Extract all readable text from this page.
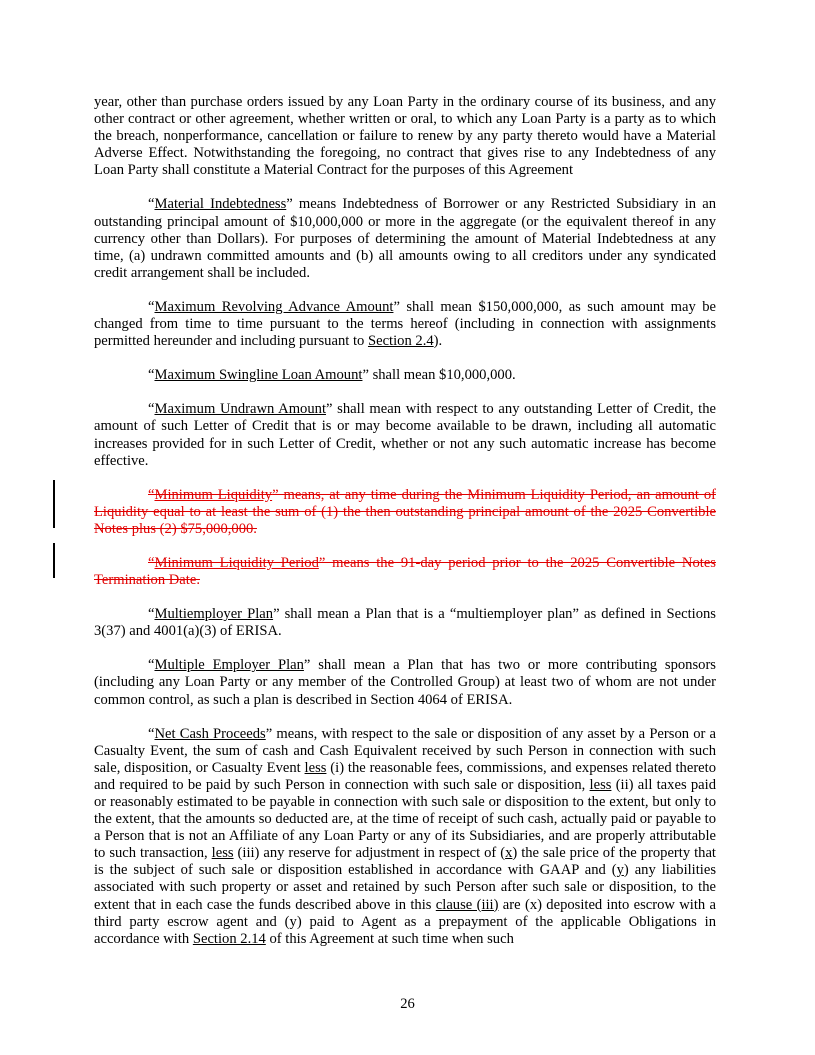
year, other than purchase orders issued by any Loan Party in the ordinary course of its business, and any other contract or other agreement, whether written or oral, to which any Loan Party is a party as to which the breach, nonperformance, cancellation or failure to renew by any party thereto would have a Material Adverse Effect. Notwithstanding the foregoing, no contract that gives rise to any Indebtedness of any Loan Party shall constitute a Material Contract for the purposes of this Agreement

“Material Indebtedness” means Indebtedness of Borrower or any Restricted Subsidiary in an outstanding principal amount of $10,000,000 or more in the aggregate (or the equivalent thereof in any currency other than Dollars). For purposes of determining the amount of Material Indebtedness at any time, (a) undrawn committed amounts and (b) all amounts owing to all creditors under any syndicated credit arrangement shall be included.

“Maximum Revolving Advance Amount” shall mean $150,000,000, as such amount may be changed from time to time pursuant to the terms hereof (including in connection with assignments permitted hereunder and including pursuant to Section 2.4).

“Maximum Swingline Loan Amount” shall mean $10,000,000.

“Maximum Undrawn Amount” shall mean with respect to any outstanding Letter of Credit, the amount of such Letter of Credit that is or may become available to be drawn, including all automatic increases provided for in such Letter of Credit, whether or not any such automatic increase has become effective.

“Minimum Liquidity” means, at any time during the Minimum Liquidity Period, an amount of Liquidity equal to at least the sum of (1) the then outstanding principal amount of the 2025 Convertible Notes plus (2) $75,000,000.

“Minimum Liquidity Period” means the 91-day period prior to the 2025 Convertible Notes Termination Date.

“Multiemployer Plan” shall mean a Plan that is a “multiemployer plan” as defined in Sections 3(37) and 4001(a)(3) of ERISA.

“Multiple Employer Plan” shall mean a Plan that has two or more contributing sponsors (including any Loan Party or any member of the Controlled Group) at least two of whom are not under common control, as such a plan is described in Section 4064 of ERISA.

“Net Cash Proceeds” means, with respect to the sale or disposition of any asset by a Person or a Casualty Event, the sum of cash and Cash Equivalent received by such Person in connection with such sale, disposition, or Casualty Event less (i) the reasonable fees, commissions, and expenses related thereto and required to be paid by such Person in connection with such sale or disposition, less (ii) all taxes paid or reasonably estimated to be payable in connection with such sale or disposition to the extent, but only to the extent, that the amounts so deducted are, at the time of receipt of such cash, actually paid or payable to a Person that is not an Affiliate of any Loan Party or any of its Subsidiaries, and are properly attributable to such transaction, less (iii) any reserve for adjustment in respect of (x) the sale price of the property that is the subject of such sale or disposition established in accordance with GAAP and (y) any liabilities associated with such property or asset and retained by such Person after such sale or disposition, to the extent that in each case the funds described above in this clause (iii) are (x) deposited into escrow with a third party escrow agent and (y) paid to Agent as a prepayment of the applicable Obligations in accordance with Section 2.14 of this Agreement at such time when such

26
